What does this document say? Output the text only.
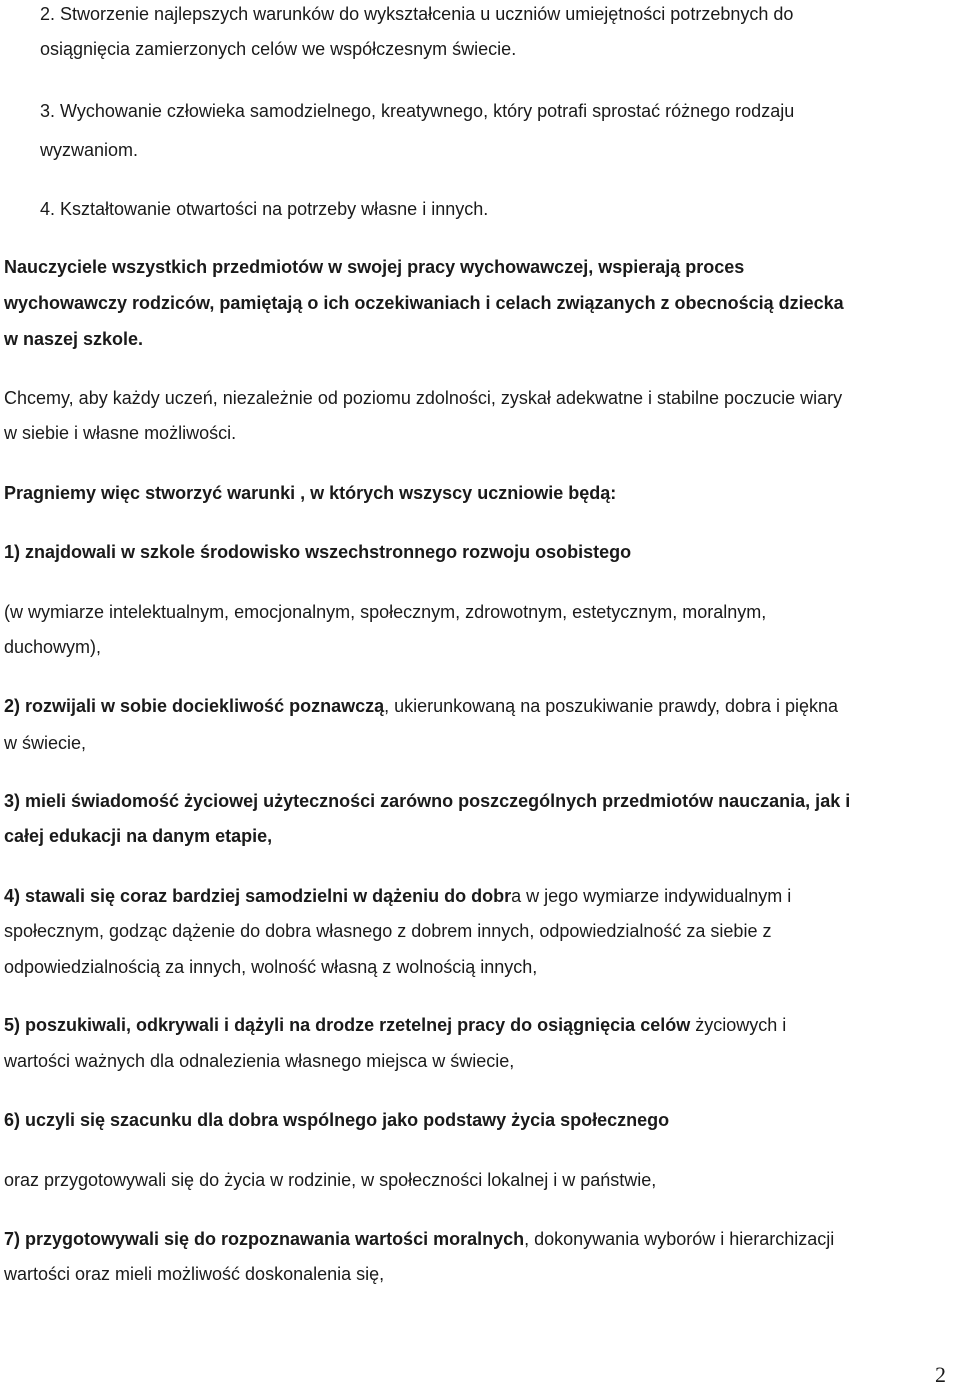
2. Stworzenie najlepszych warunków do wykształcenia u uczniów umiejętności potrzebnych do

osiągnięcia zamierzonych celów we współczesnym świecie.

3. Wychowanie człowieka samodzielnego, kreatywnego, który potrafi sprostać różnego rodzaju

wyzwaniom.

4. Kształtowanie otwartości na potrzeby własne i innych.

Nauczyciele wszystkich przedmiotów w swojej pracy wychowawczej, wspierają proces

wychowawczy rodziców, pamiętają o ich oczekiwaniach i celach związanych z obecnością dziecka

w naszej szkole.

Chcemy, aby każdy uczeń, niezależnie od poziomu zdolności, zyskał adekwatne i stabilne poczucie wiary

w siebie i własne możliwości.

Pragniemy więc stworzyć warunki , w których wszyscy uczniowie będą:

1) znajdowali w szkole środowisko wszechstronnego rozwoju osobistego

(w wymiarze intelektualnym, emocjonalnym, społecznym, zdrowotnym, estetycznym, moralnym,

duchowym),

2) rozwijali w sobie dociekliwość poznawczą, ukierunkowaną na poszukiwanie prawdy, dobra i piękna

w świecie,

3) mieli świadomość życiowej użyteczności zarówno poszczególnych przedmiotów nauczania, jak i

całej edukacji na danym etapie,

4) stawali się coraz bardziej samodzielni w dążeniu do dobra w jego wymiarze indywidualnym i

społecznym, godząc dążenie do dobra własnego z dobrem innych, odpowiedzialność za siebie z

odpowiedzialnością za innych, wolność własną z wolnością innych,

5) poszukiwali, odkrywali i dążyli na drodze rzetelnej pracy do osiągnięcia celów życiowych i

wartości ważnych dla odnalezienia własnego miejsca w świecie,

6) uczyli się szacunku dla dobra wspólnego jako podstawy życia społecznego

oraz przygotowywali się do życia w rodzinie, w społeczności lokalnej i w państwie,

7) przygotowywali się do rozpoznawania wartości moralnych, dokonywania wyborów i hierarchizacji

wartości oraz mieli możliwość doskonalenia się,

2
